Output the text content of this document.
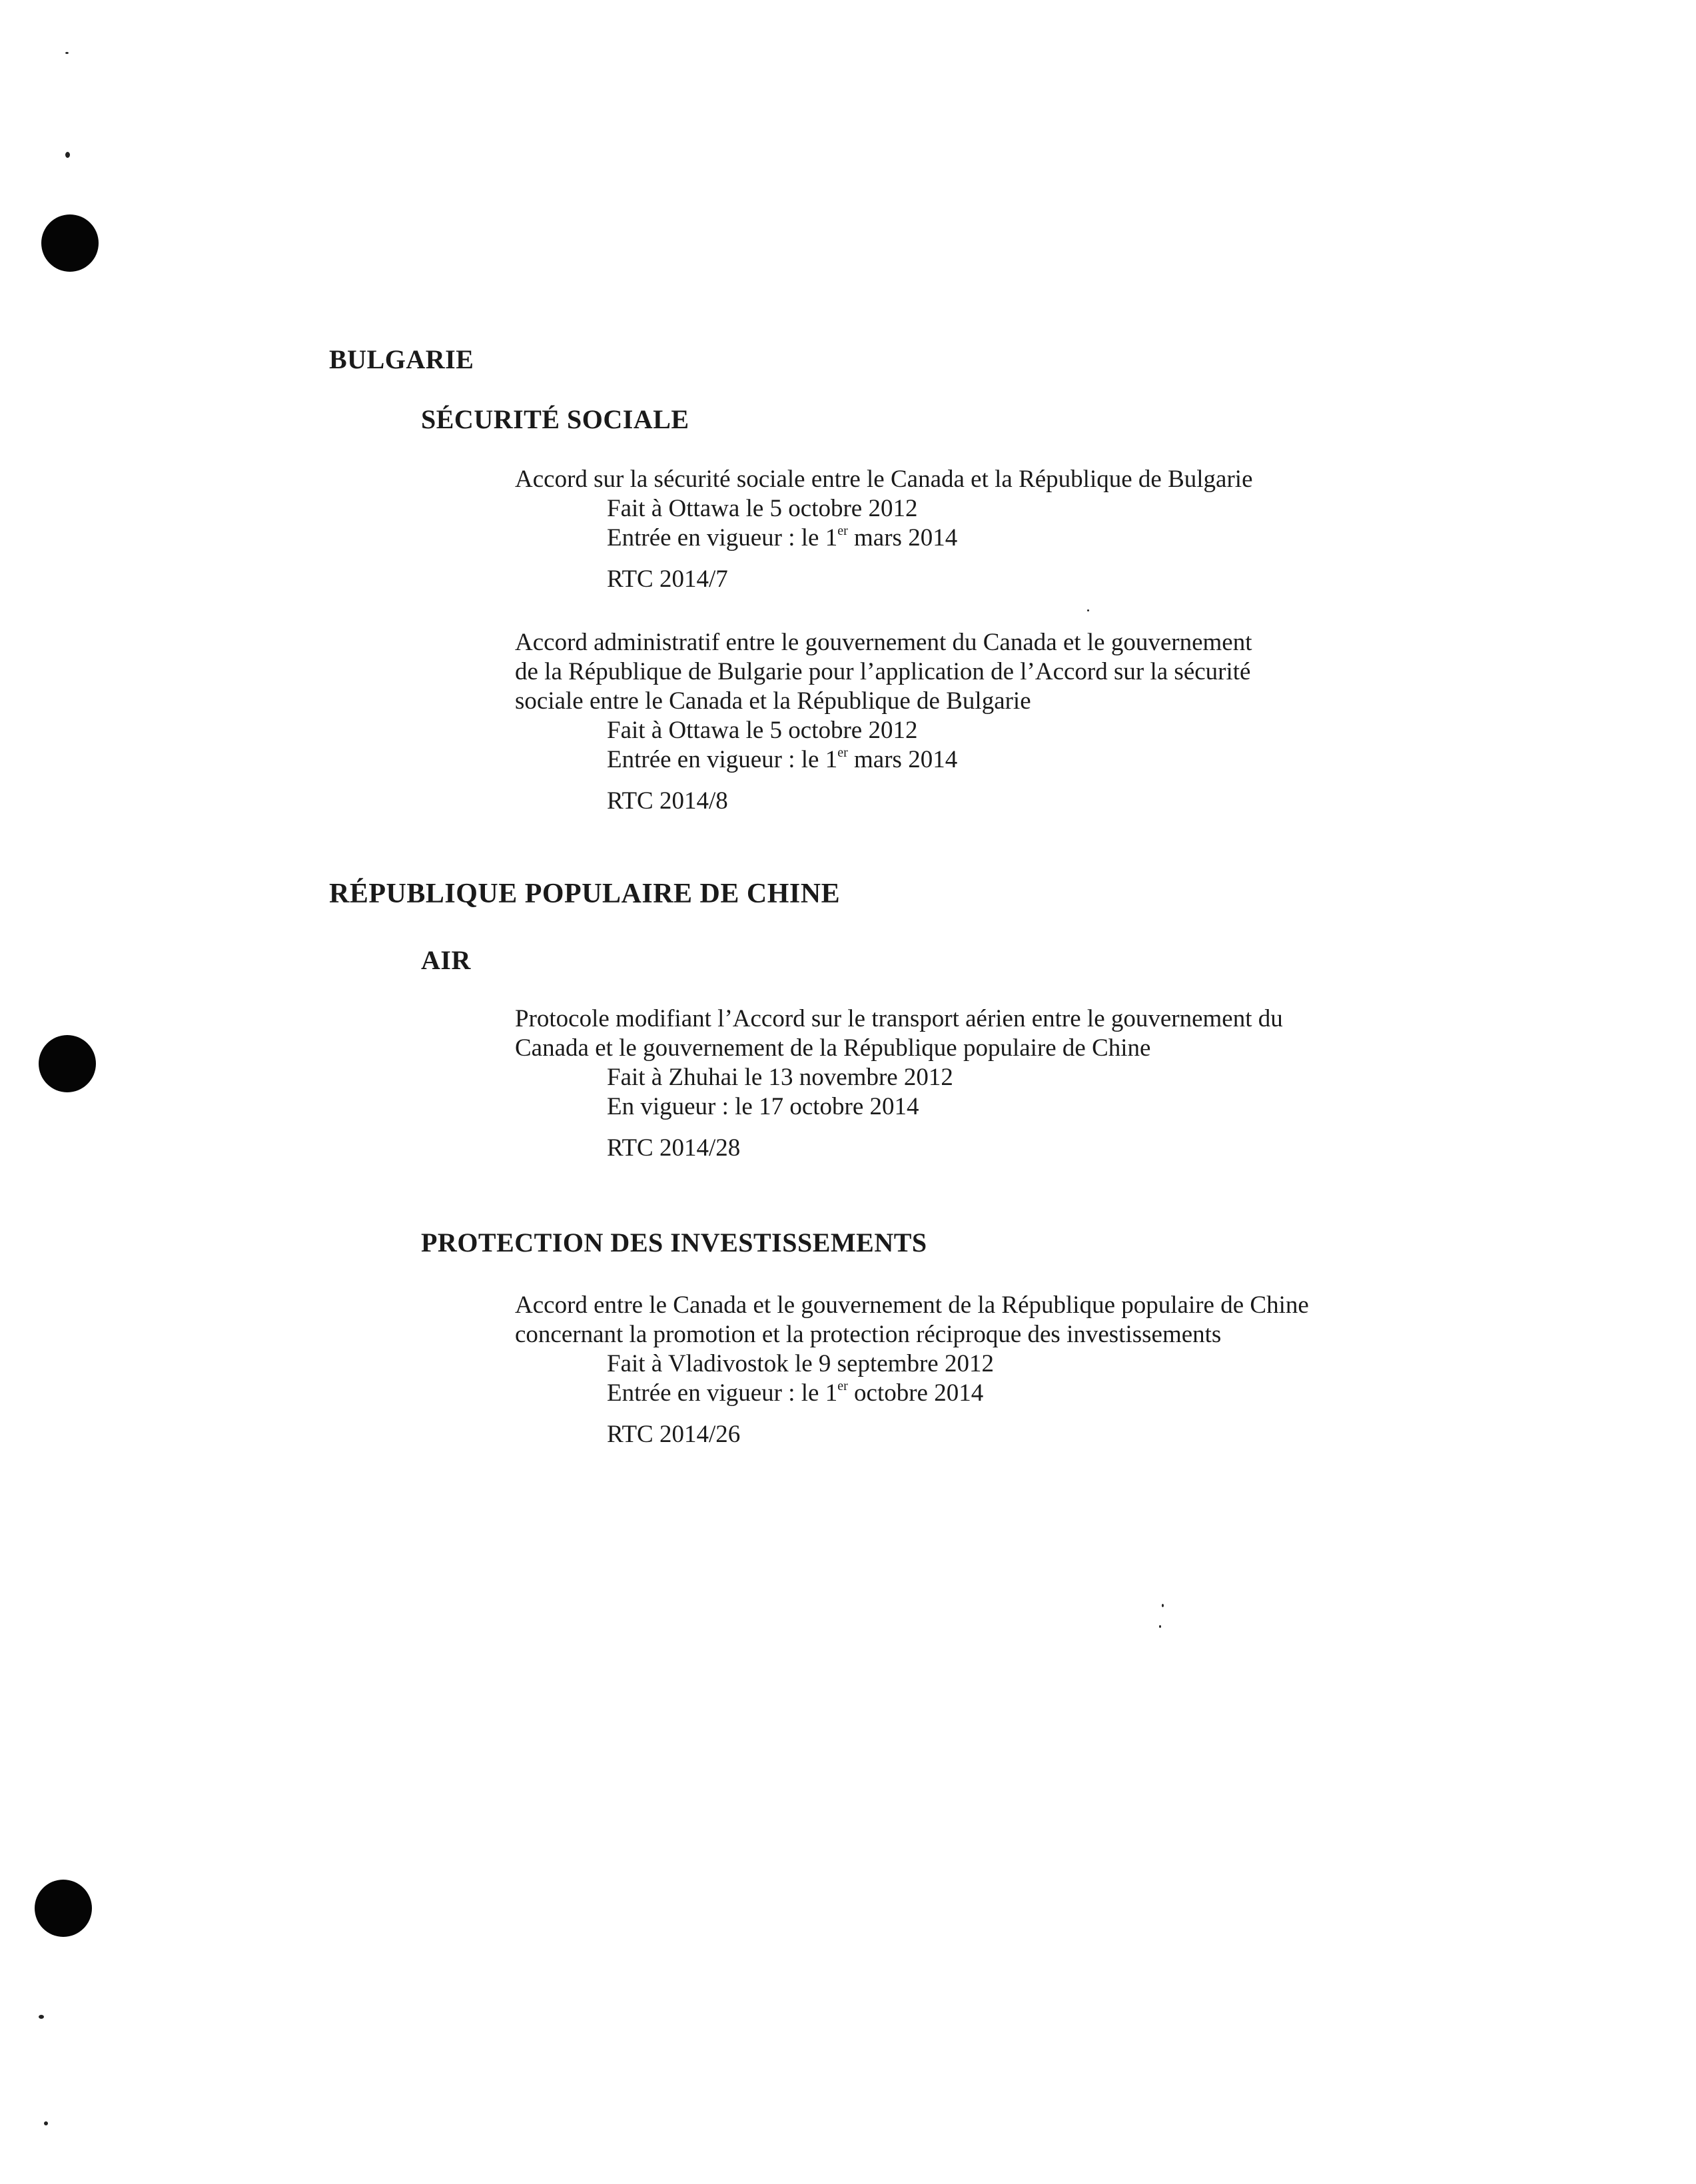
BULGARIE
SÉCURITÉ SOCIALE

Accord sur la sécurité sociale entre le Canada et la République de Bulgarie

Fait à Ottawa le 5 octobre 2012

Entrée en vigueur : le 1er mars 2014

RTC 2014/7

Accord administratif entre le gouvernement du Canada et le gouvernement

de la République de Bulgarie pour l’application de l’Accord sur la sécurité

sociale entre le Canada et la République de Bulgarie

Fait à Ottawa le 5 octobre 2012

Entrée en vigueur : le 1er mars 2014

RTC 2014/8

RÉPUBLIQUE POPULAIRE DE CHINE
AIR

Protocole modifiant l’Accord sur le transport aérien entre le gouvernement du

Canada et le gouvernement de la République populaire de Chine

Fait à Zhuhai le 13 novembre 2012

En vigueur : le 17 octobre 2014

RTC 2014/28

PROTECTION DES INVESTISSEMENTS

Accord entre le Canada et le gouvernement de la République populaire de Chine

concernant la promotion et la protection réciproque des investissements

Fait à Vladivostok le 9 septembre 2012

Entrée en vigueur : le 1er octobre 2014

RTC 2014/26
